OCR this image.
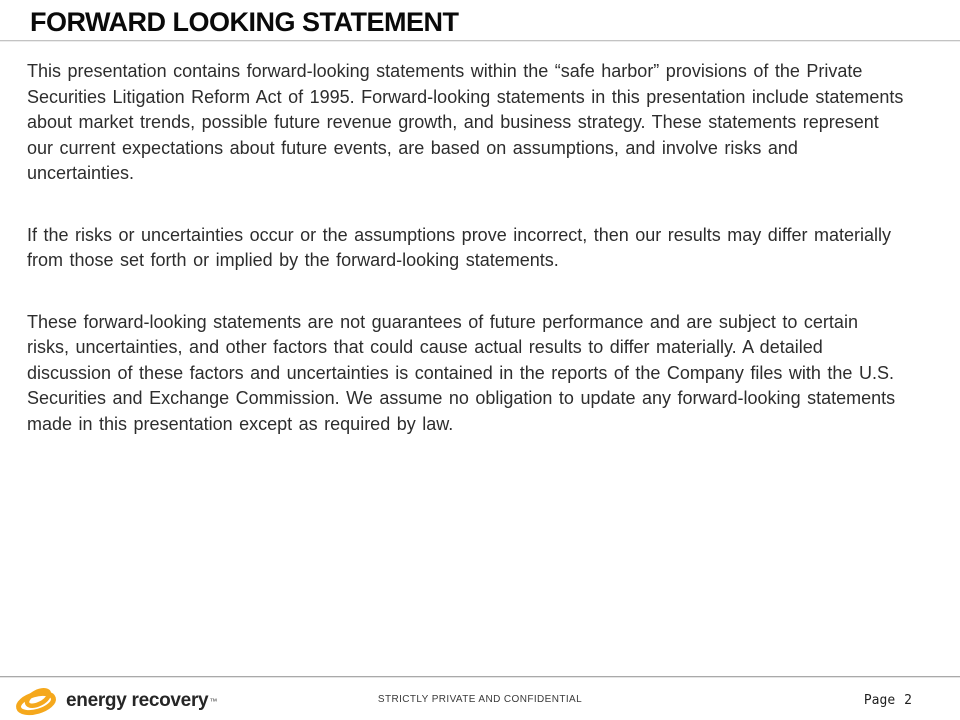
FORWARD LOOKING STATEMENT

This presentation contains forward-looking statements within the “safe harbor” provisions of the Private Securities Litigation Reform Act of 1995. Forward-looking statements in this presentation include statements about market trends, possible future revenue growth, and business strategy. These statements represent our current expectations about future events, are based on assumptions, and involve risks and uncertainties.

If the risks or uncertainties occur or the assumptions prove incorrect, then our results may differ materially from those set forth or implied by the forward-looking statements.

These forward-looking statements are not guarantees of future performance and are subject to certain risks, uncertainties, and other factors that could cause actual results to differ materially. A detailed discussion of these factors and uncertainties is contained in the reports of the Company files with the U.S. Securities and Exchange Commission. We assume no obligation to update any forward-looking statements made in this presentation except as required by law.

energy recovery ™	STRICTLY PRIVATE AND CONFIDENTIAL	Page 2
